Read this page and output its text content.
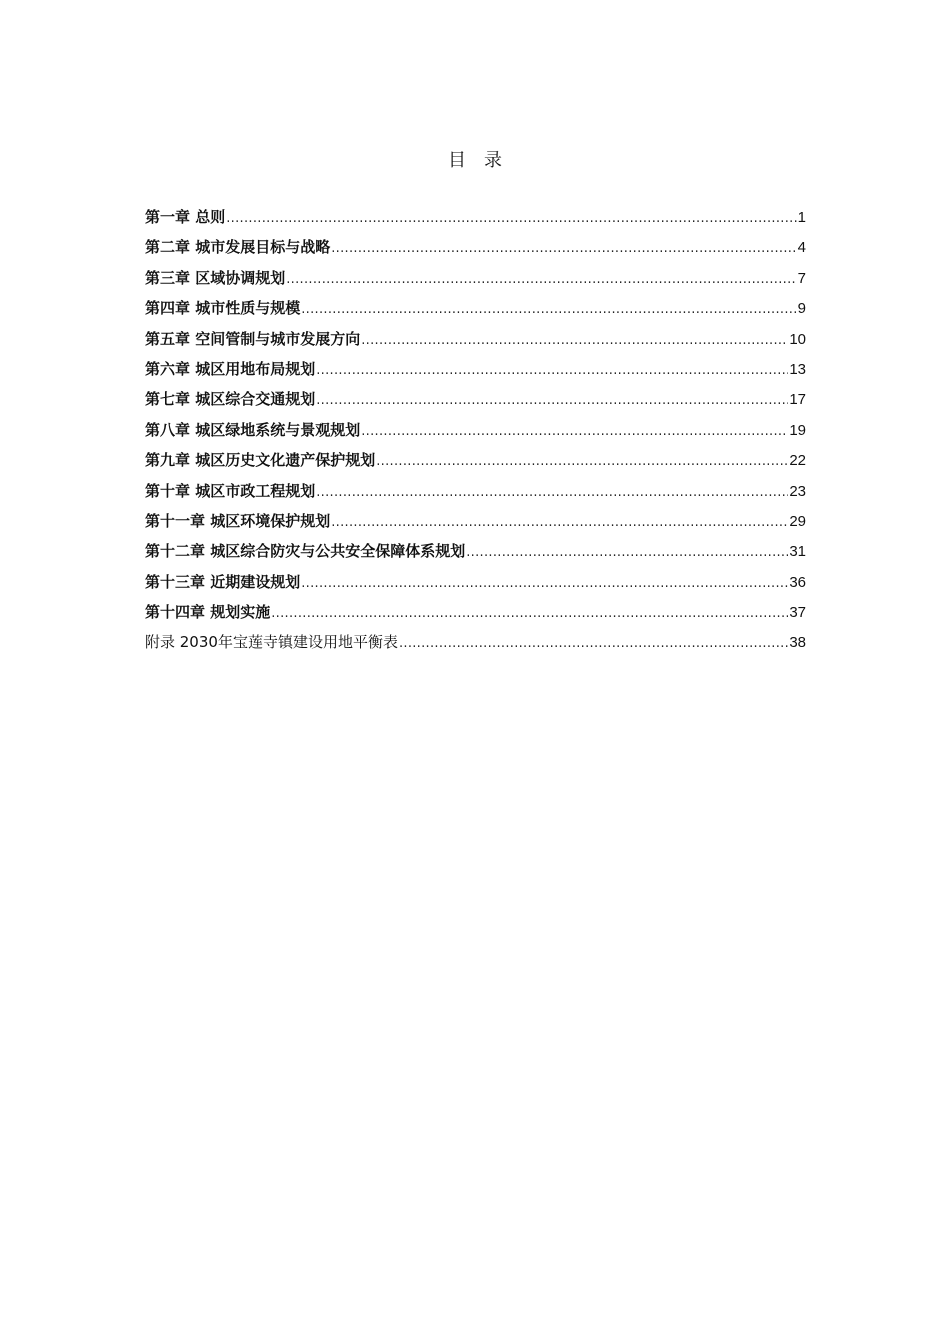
目　录
第一章 总则 .....	1
第二章 城市发展目标与战略 .....	4
第三章 区域协调规划 .....	7
第四章 城市性质与规模 .....	9
第五章 空间管制与城市发展方向 .....	10
第六章 城区用地布局规划 .....	13
第七章 城区综合交通规划 .....	17
第八章 城区绿地系统与景观规划 .....	19
第九章 城区历史文化遗产保护规划 .....	22
第十章 城区市政工程规划 .....	23
第十一章 城区环境保护规划 .....	29
第十二章 城区综合防灾与公共安全保障体系规划 .....	31
第十三章 近期建设规划 .....	36
第十四章 规划实施 .....	37
附录 2030年宝莲寺镇建设用地平衡表 .....	38
